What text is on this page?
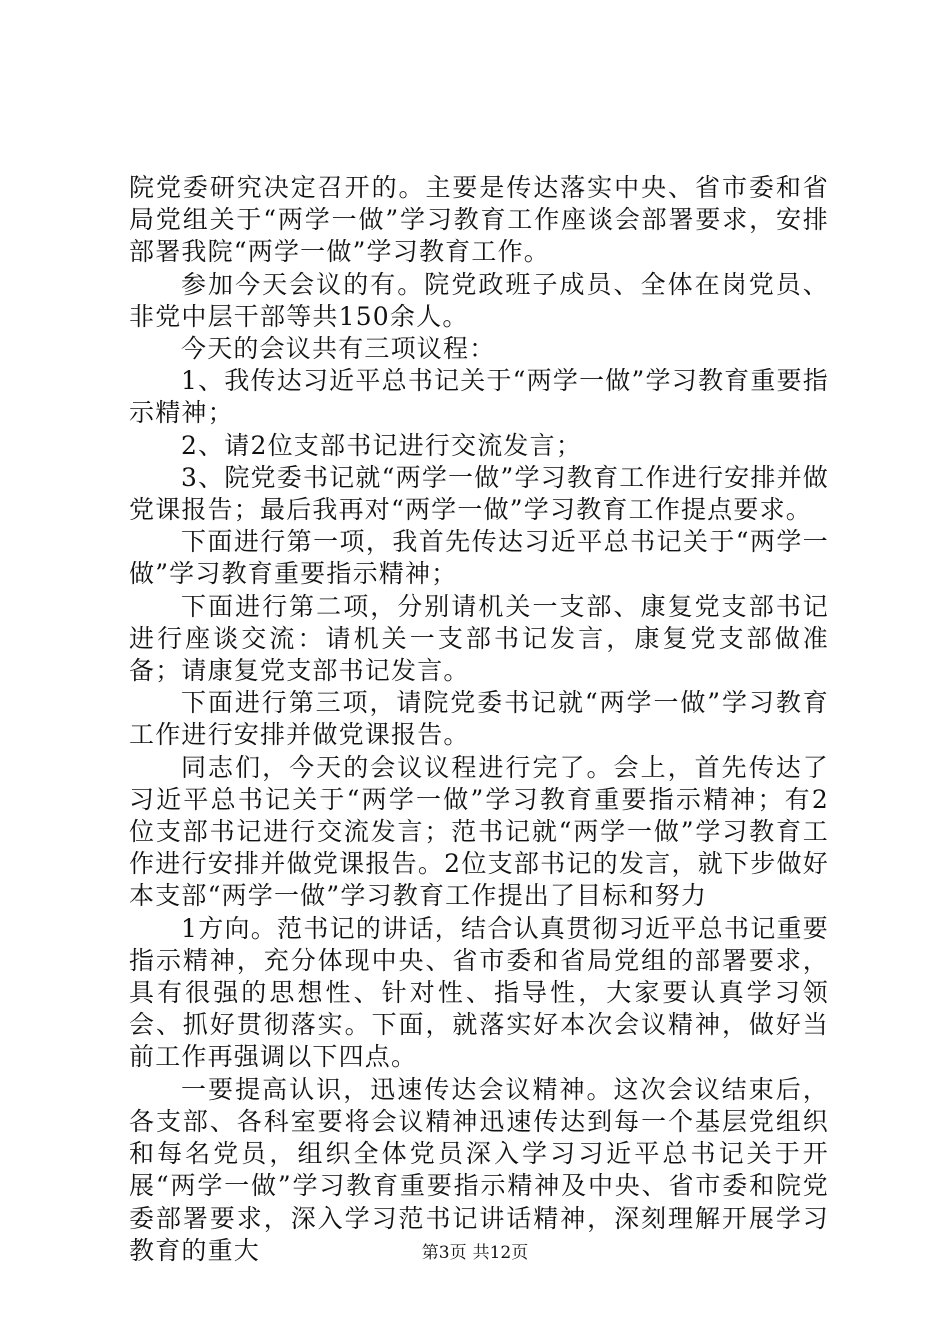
院党委研究决定召开的。主要是传达落实中央、省市委和省局党组关于“两学一做”学习教育工作座谈会部署要求，安排部署我院“两学一做”学习教育工作。

参加今天会议的有。院党政班子成员、全体在岗党员、非党中层干部等共150余人。

今天的会议共有三项议程：

1、我传达习近平总书记关于“两学一做”学习教育重要指示精神；

2、请2位支部书记进行交流发言；

3、院党委书记就“两学一做”学习教育工作进行安排并做党课报告；最后我再对“两学一做”学习教育工作提点要求。

下面进行第一项，我首先传达习近平总书记关于“两学一做”学习教育重要指示精神；

下面进行第二项，分别请机关一支部、康复党支部书记进行座谈交流：请机关一支部书记发言，康复党支部做准备；请康复党支部书记发言。

下面进行第三项，请院党委书记就“两学一做”学习教育工作进行安排并做党课报告。

同志们，今天的会议议程进行完了。会上，首先传达了习近平总书记关于“两学一做”学习教育重要指示精神；有2位支部书记进行交流发言；范书记就“两学一做”学习教育工作进行安排并做党课报告。2位支部书记的发言，就下步做好本支部“两学一做”学习教育工作提出了目标和努力

1方向。范书记的讲话，结合认真贯彻习近平总书记重要指示精神，充分体现中央、省市委和省局党组的部署要求，具有很强的思想性、针对性、指导性，大家要认真学习领会、抓好贯彻落实。下面，就落实好本次会议精神，做好当前工作再强调以下四点。

一要提高认识，迅速传达会议精神。这次会议结束后，各支部、各科室要将会议精神迅速传达到每一个基层党组织和每名党员，组织全体党员深入学习习近平总书记关于开展“两学一做”学习教育重要指示精神及中央、省市委和院党委部署要求，深入学习范书记讲话精神，深刻理解开展学习教育的重大	第3页 共12页
